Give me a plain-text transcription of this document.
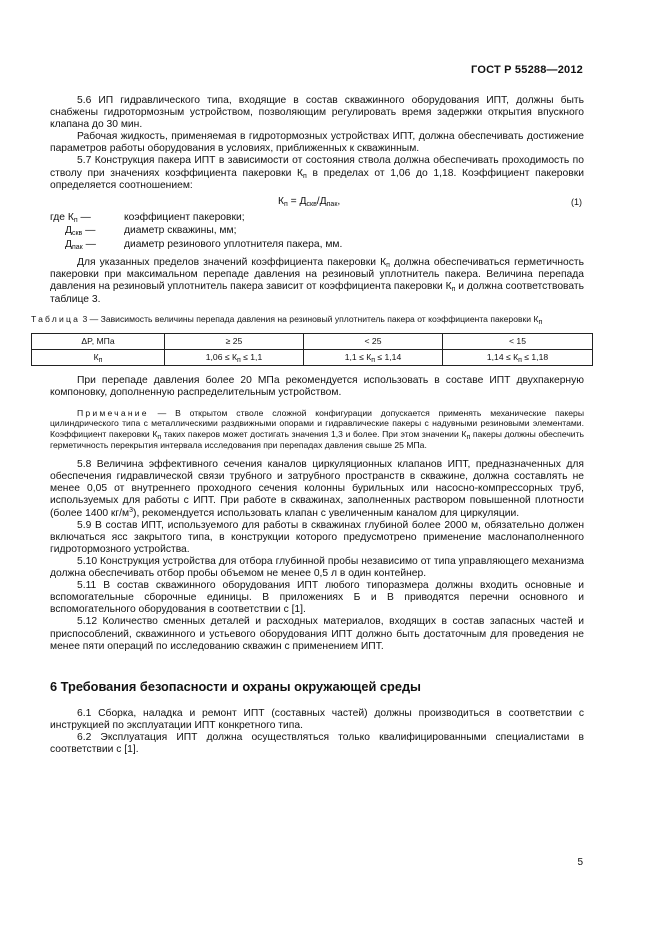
ГОСТ Р 55288—2012

5.6 ИП гидравлического типа, входящие в состав скважинного оборудования ИПТ, должны быть снабжены гидротормозным устройством, позволяющим регулировать время задержки открытия впускного клапана до 30 мин.

Рабочая жидкость, применяемая в гидротормозных устройствах ИПТ, должна обеспечивать достижение параметров работы оборудования в условиях, приближенных к скважинным.

5.7 Конструкция пакера ИПТ в зависимости от состояния ствола должна обеспечивать проходимость по стволу при значениях коэффициента пакеровки $К_п$ в пределах от 1,06 до 1,18. Коэффициент пакеровки определяется соотношением:

$К_п = Д_{скв}/Д_{пак}$,	(1)
где $К_п$ —	коэффициент пакеровки;
$Д_{скв}$ —	диаметр скважины, мм;
$Д_{пак}$ —	диаметр резинового уплотнителя пакера, мм.

Для указанных пределов значений коэффициента пакеровки $К_п$ должна обеспечиваться герметичность пакеровки при максимальном перепаде давления на резиновый уплотнитель пакера. Величина перепада давления на резиновый уплотнитель пакера зависит от коэффициента пакеровки $К_п$ и должна соответствовать таблице 3.

Таблица 3 — Зависимость величины перепада давления на резиновый уплотнитель пакера от коэффициента пакеровки $К_п$
ΔP, МПа	≥ 25	< 25	< 15
$К_п$	$1,06 \le К_п \le 1,1$	$1,1 \le К_п \le 1,14$	$1,14 \le К_п \le 1,18$

При перепаде давления более 20 МПа рекомендуется использовать в составе ИПТ двухпакерную компоновку, дополненную распределительным устройством.

Примечание — В открытом стволе сложной конфигурации допускается применять механические пакеры цилиндрического типа с металлическими раздвижными опорами и гидравлические пакеры с надувными резиновыми элементами. Коэффициент пакеровки $К_п$ таких пакеров может достигать значения 1,3 и более. При этом значении $К_п$ пакеры должны обеспечить герметичность перекрытия интервала исследования при перепадах давления свыше 25 МПа.

5.8 Величина эффективного сечения каналов циркуляционных клапанов ИПТ, предназначенных для обеспечения гидравлической связи трубного и затрубного пространств в скважине, должна составлять не менее 0,05 от внутреннего проходного сечения колонны бурильных или насосно-компрессорных труб, используемых для работы с ИПТ. При работе в скважинах, заполненных раствором повышенной плотности (более 1400 $кг/м^3$), рекомендуется использовать клапан с увеличенным каналом для циркуляции.

5.9 В состав ИПТ, используемого для работы в скважинах глубиной более 2000 м, обязательно должен включаться ясс закрытого типа, в конструкции которого предусмотрено применение маслонаполненного гидротормозного устройства.

5.10 Конструкция устройства для отбора глубинной пробы независимо от типа управляющего механизма должна обеспечивать отбор пробы объемом не менее 0,5 л в один контейнер.

5.11 В состав скважинного оборудования ИПТ любого типоразмера должны входить основные и вспомогательные сборочные единицы. В приложениях Б и В приводятся перечни основного и вспомогательного оборудования в соответствии с [1].

5.12 Количество сменных деталей и расходных материалов, входящих в состав запасных частей и приспособлений, скважинного и устьевого оборудования ИПТ должно быть достаточным для проведения не менее пяти операций по исследованию скважин с применением ИПТ.

6 Требования безопасности и охраны окружающей среды

6.1 Сборка, наладка и ремонт ИПТ (составных частей) должны производиться в соответствии с инструкцией по эксплуатации ИПТ конкретного типа.

6.2 Эксплуатация ИПТ должна осуществляться только квалифицированными специалистами в соответствии с [1].

5
